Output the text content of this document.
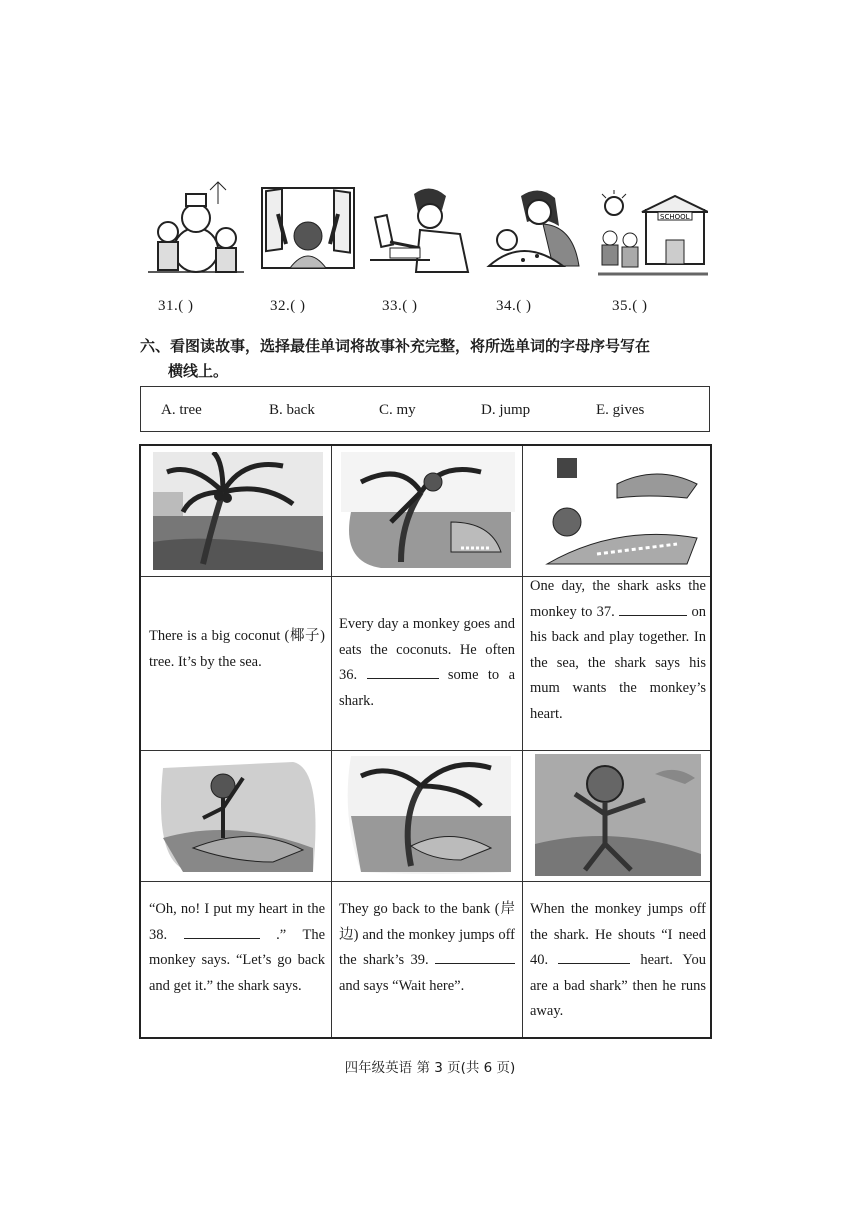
SCHOOL
31.( )	32.( )	33.( )	34.( )	35.( )
六、看图读故事，选择最佳单词将故事补充完整，将所选单词的字母序号写在
横线上。
A. tree	B. back	C. my	D. jump	E. gives
There is a big coconut (椰子) tree. It’s by the sea.
Every day a monkey goes and eats the coconuts. He often 36.	some to a shark.
One day, the shark asks the monkey to 37.	on his back and play together. In the sea, the shark says his mum wants the monkey’s heart.
“Oh, no! I put my heart in the 38.	.” The monkey says. “Let’s go back and get it.” the shark says.
They go back to the bank (岸边) and the monkey jumps off the shark’s 39.  and says “Wait here”.
When the monkey jumps off the shark. He shouts “I need 40.	heart. You are a bad shark” then he runs away.
四年级英语 第 3 页(共 6 页)
